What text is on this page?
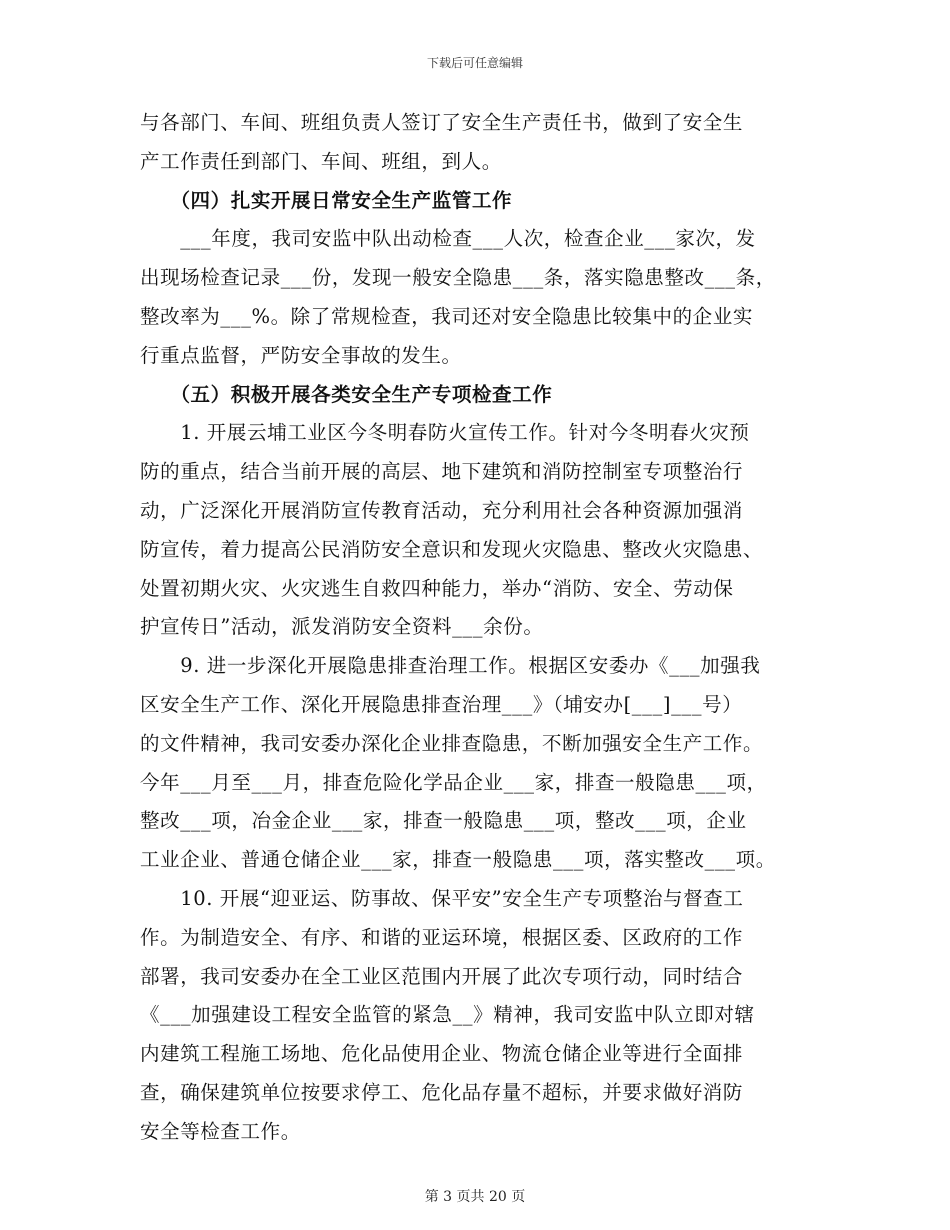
下载后可任意编辑
与各部门、车间、班组负责人签订了安全生产责任书，做到了安全生
产工作责任到部门、车间、班组，到人。
　　（四）扎实开展日常安全生产监管工作
　　___年度，我司安监中队出动检查___人次，检查企业___家次，发
出现场检查记录___份，发现一般安全隐患___条，落实隐患整改___条，
整改率为___%。除了常规检查，我司还对安全隐患比较集中的企业实
行重点监督，严防安全事故的发生。
　　（五）积极开展各类安全生产专项检查工作
　　1. 开展云埔工业区今冬明春防火宣传工作。针对今冬明春火灾预
防的重点，结合当前开展的高层、地下建筑和消防控制室专项整治行
动，广泛深化开展消防宣传教育活动，充分利用社会各种资源加强消
防宣传，着力提高公民消防安全意识和发现火灾隐患、整改火灾隐患、
处置初期火灾、火灾逃生自救四种能力，举办“消防、安全、劳动保
护宣传日”活动，派发消防安全资料___余份。
　　9. 进一步深化开展隐患排查治理工作。根据区安委办《___加强我
区安全生产工作、深化开展隐患排查治理___》（埔安办[___]___号）
的文件精神，我司安委办深化企业排查隐患，不断加强安全生产工作。
今年___月至___月，排查危险化学品企业___家，排查一般隐患___项，
整改___项，冶金企业___家，排查一般隐患___项，整改___项，企业
工业企业、普通仓储企业___家，排查一般隐患___项，落实整改___项。
　　10. 开展“迎亚运、防事故、保平安”安全生产专项整治与督查工
作。为制造安全、有序、和谐的亚运环境，根据区委、区政府的工作
部署，我司安委办在全工业区范围内开展了此次专项行动，同时结合
《___加强建设工程安全监管的紧急__》精神，我司安监中队立即对辖
内建筑工程施工场地、危化品使用企业、物流仓储企业等进行全面排
查，确保建筑单位按要求停工、危化品存量不超标，并要求做好消防
安全等检查工作。
第 3 页共 20 页
